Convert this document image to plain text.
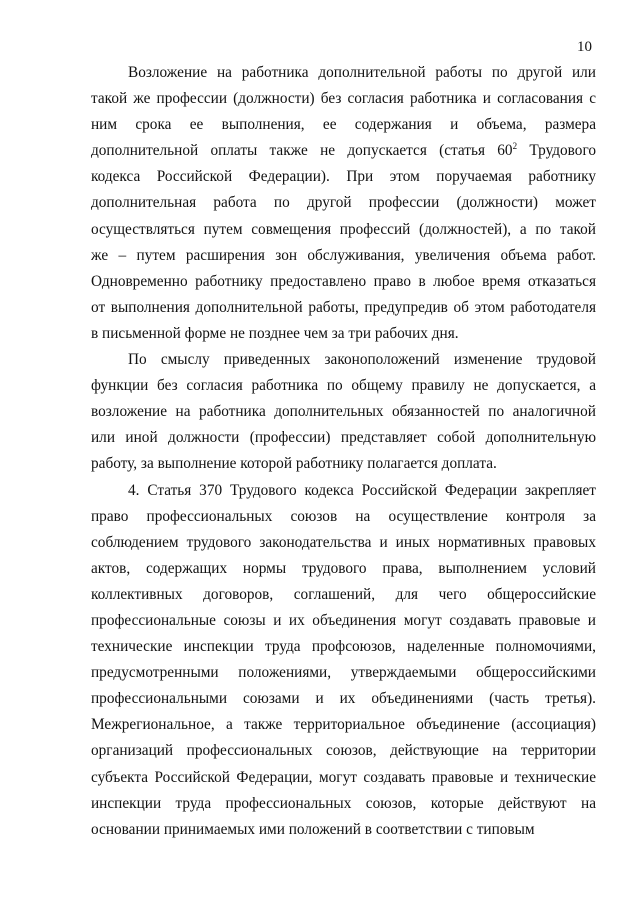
10
Возложение на работника дополнительной работы по другой или
такой же профессии (должности) без согласия работника и согласования с
ним срока ее выполнения, ее содержания и объема, размера
дополнительной оплаты также не допускается (статья $60^2$ Трудового
кодекса Российской Федерации). При этом поручаемая работнику
дополнительная работа по другой профессии (должности) может
осуществляться путем совмещения профессий (должностей), а по такой
же – путем расширения зон обслуживания, увеличения объема работ.
Одновременно работнику предоставлено право в любое время отказаться
от выполнения дополнительной работы, предупредив об этом работодателя
в письменной форме не позднее чем за три рабочих дня.
По смыслу приведенных законоположений изменение трудовой
функции без согласия работника по общему правилу не допускается, а
возложение на работника дополнительных обязанностей по аналогичной
или иной должности (профессии) представляет собой дополнительную
работу, за выполнение которой работнику полагается доплата.
4. Статья 370 Трудового кодекса Российской Федерации закрепляет
право профессиональных союзов на осуществление контроля за
соблюдением трудового законодательства и иных нормативных правовых
актов, содержащих нормы трудового права, выполнением условий
коллективных договоров, соглашений, для чего общероссийские
профессиональные союзы и их объединения могут создавать правовые и
технические инспекции труда профсоюзов, наделенные полномочиями,
предусмотренными положениями, утверждаемыми общероссийскими
профессиональными союзами и их объединениями (часть третья).
Межрегиональное, а также территориальное объединение (ассоциация)
организаций профессиональных союзов, действующие на территории
субъекта Российской Федерации, могут создавать правовые и технические
инспекции труда профессиональных союзов, которые действуют на
основании принимаемых ими положений в соответствии с типовым
